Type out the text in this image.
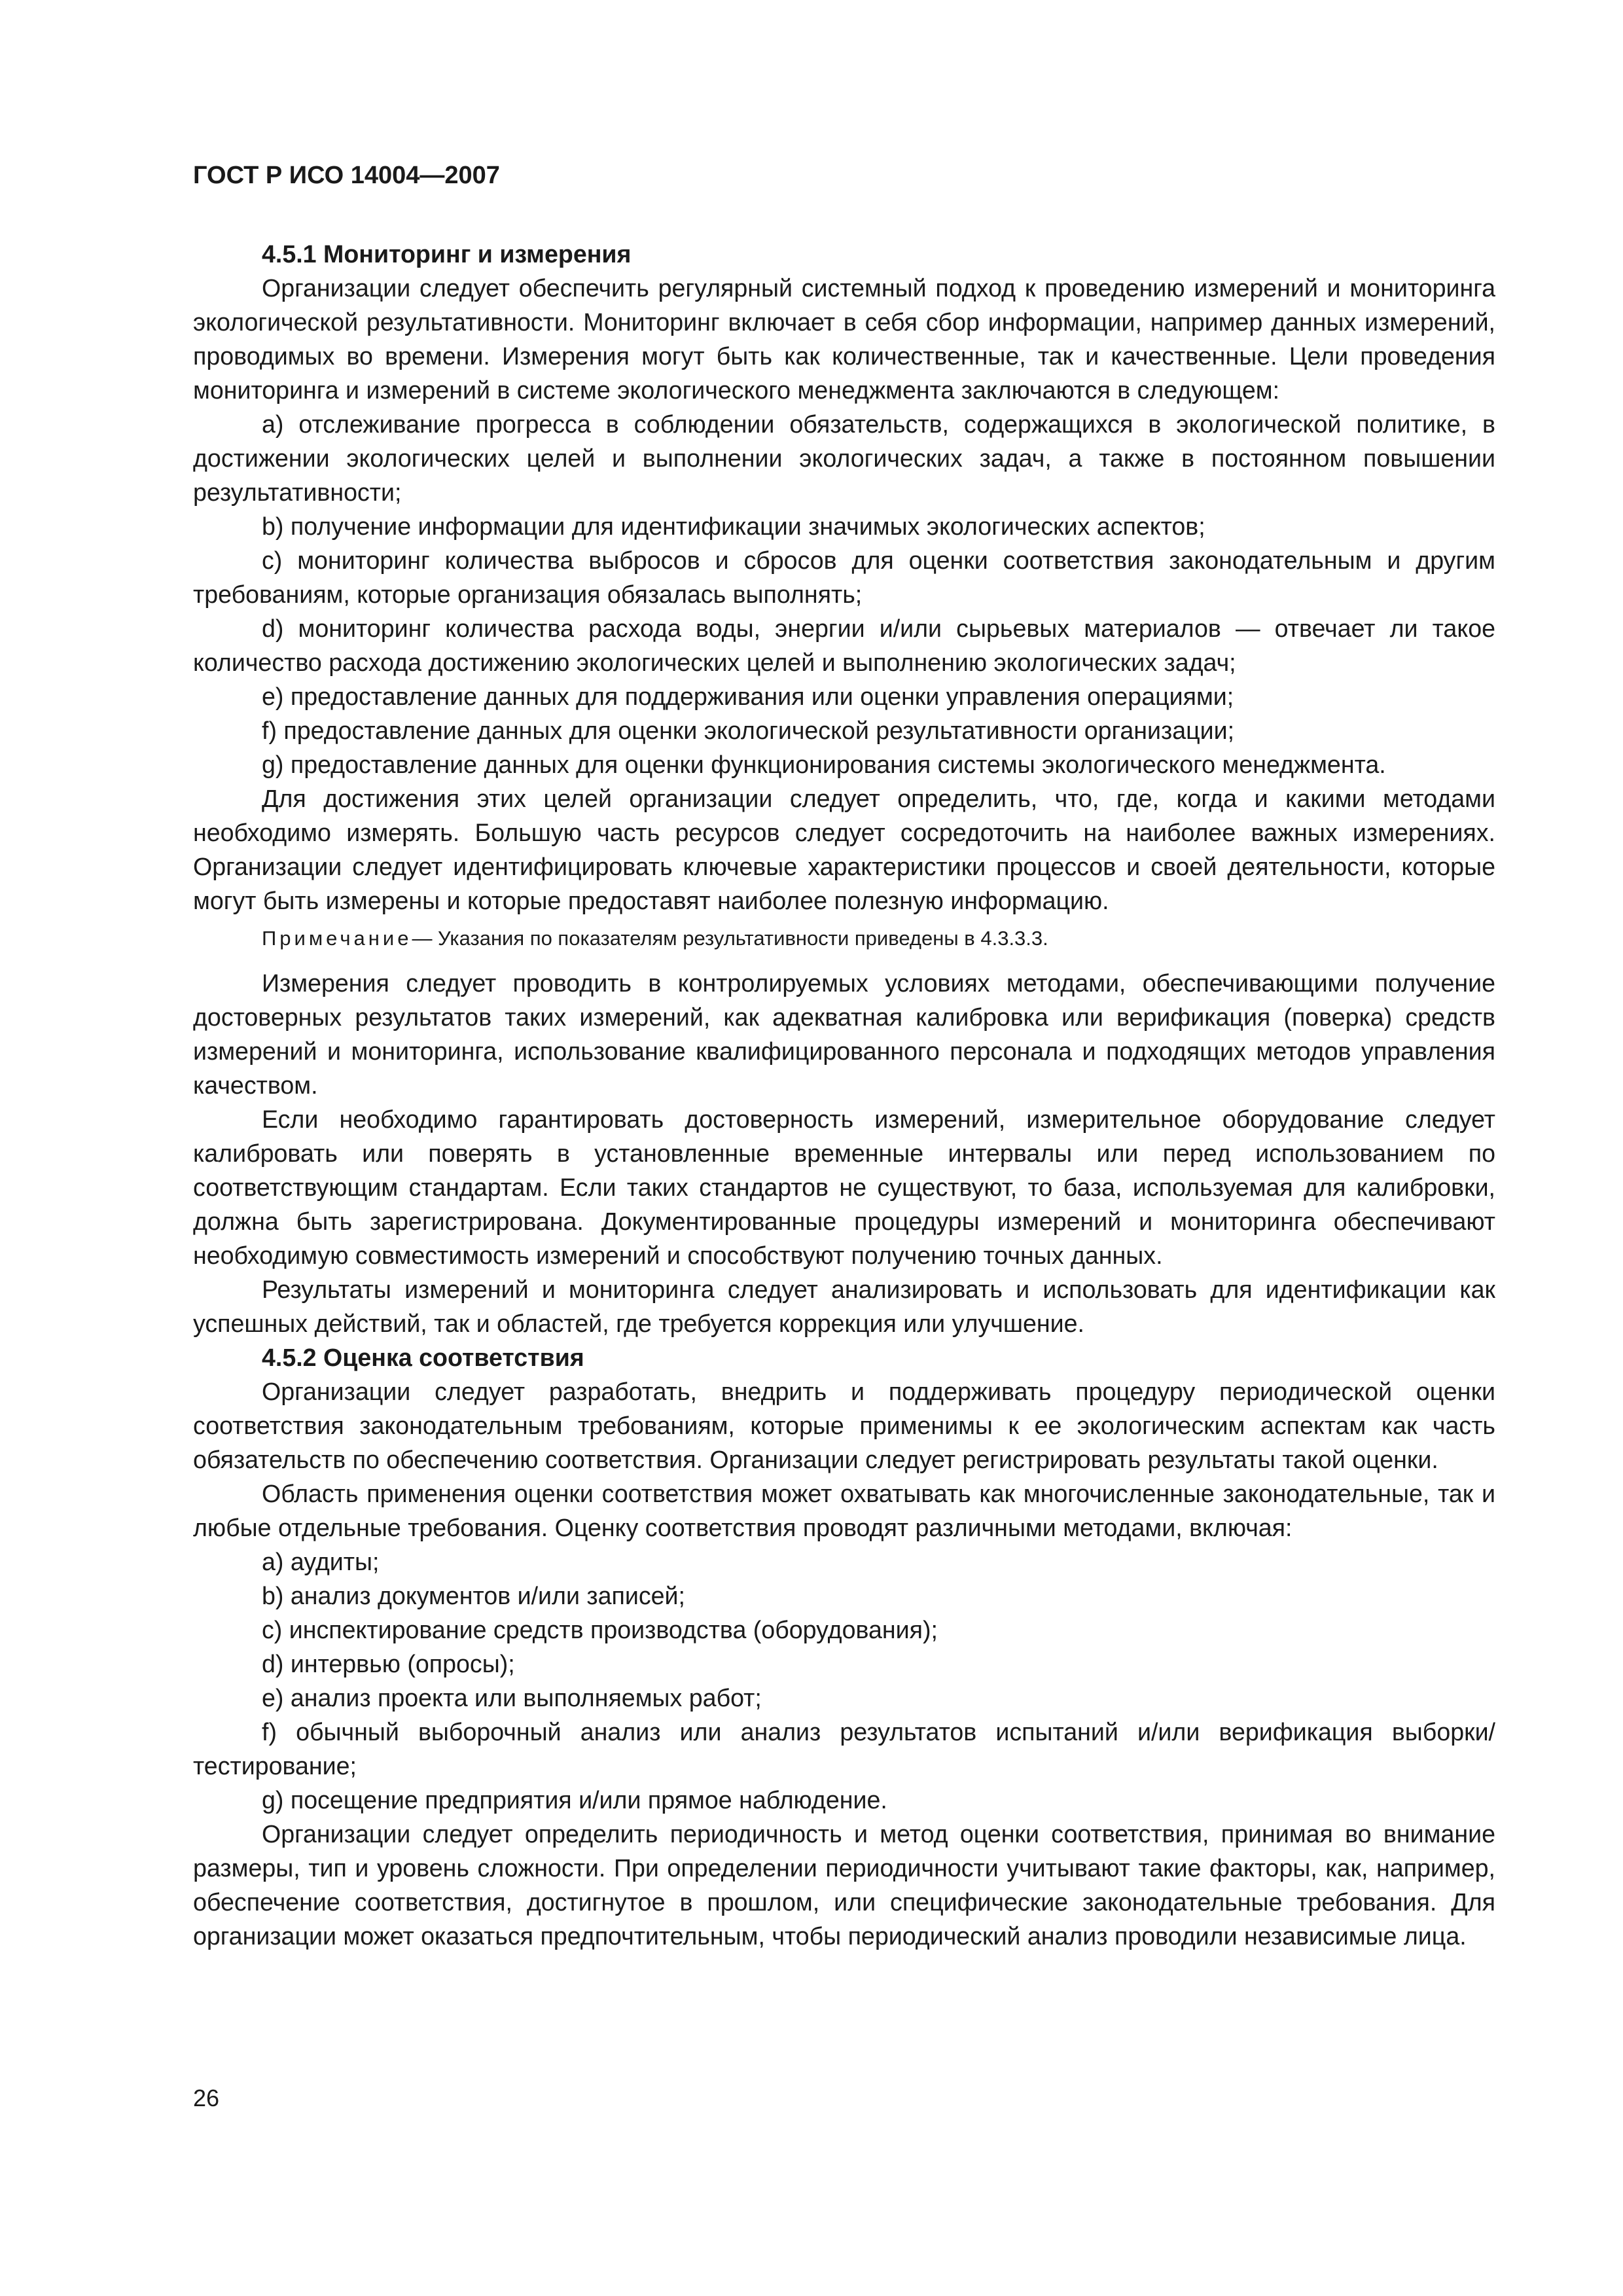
ГОСТ Р ИСО 14004—2007
4.5.1 Мониторинг и измерения

Организации следует обеспечить регулярный системный подход к проведению измерений и мониторинга экологической результативности. Мониторинг включает в себя сбор информации, например данных измерений, проводимых во времени. Измерения могут быть как количественные, так и качественные. Цели проведения мониторинга и измерений в системе экологического менеджмента заключаются в следующем:

a) отслеживание прогресса в соблюдении обязательств, содержащихся в экологической политике, в достижении экологических целей и выполнении экологических задач, а также в постоянном повышении результативности;

b) получение информации для идентификации значимых экологических аспектов;

c) мониторинг количества выбросов и сбросов для оценки соответствия законодательным и другим требованиям, которые организация обязалась выполнять;

d) мониторинг количества расхода воды, энергии и/или сырьевых материалов — отвечает ли такое количество расхода достижению экологических целей и выполнению экологических задач;

e) предоставление данных для поддерживания или оценки управления операциями;

f) предоставление данных для оценки экологической результативности организации;

g) предоставление данных для оценки функционирования системы экологического менеджмента.

Для достижения этих целей организации следует определить, что, где, когда и какими методами необходимо измерять. Большую часть ресурсов следует сосредоточить на наиболее важных измерениях. Организации следует идентифицировать ключевые характеристики процессов и своей деятельности, которые могут быть измерены и которые предоставят наиболее полезную информацию.

Примечание— Указания по показателям результативности приведены в 4.3.3.3.

Измерения следует проводить в контролируемых условиях методами, обеспечивающими получение достоверных результатов таких измерений, как адекватная калибровка или верификация (поверка) средств измерений и мониторинга, использование квалифицированного персонала и подходящих методов управления качеством.

Если необходимо гарантировать достоверность измерений, измерительное оборудование следует калибровать или поверять в установленные временные интервалы или перед использованием по соответствующим стандартам. Если таких стандартов не существуют, то база, используемая для калибровки, должна быть зарегистрирована. Документированные процедуры измерений и мониторинга обеспечивают необходимую совместимость измерений и способствуют получению точных данных.

Результаты измерений и мониторинга следует анализировать и использовать для идентификации как успешных действий, так и областей, где требуется коррекция или улучшение.

4.5.2 Оценка соответствия

Организации следует разработать, внедрить и поддерживать процедуру периодической оценки соответствия законодательным требованиям, которые применимы к ее экологическим аспектам как часть обязательств по обеспечению соответствия. Организации следует регистрировать результаты такой оценки.

Область применения оценки соответствия может охватывать как многочисленные законодательные, так и любые отдельные требования. Оценку соответствия проводят различными методами, включая:

a) аудиты;

b) анализ документов и/или записей;

c) инспектирование средств производства (оборудования);

d) интервью (опросы);

e) анализ проекта или выполняемых работ;

f) обычный выборочный анализ или анализ результатов испытаний и/или верификация выборки/тестирование;

g) посещение предприятия и/или прямое наблюдение.

Организации следует определить периодичность и метод оценки соответствия, принимая во внимание размеры, тип и уровень сложности. При определении периодичности учитывают такие факторы, как, например, обеспечение соответствия, достигнутое в прошлом, или специфические законодательные требования. Для организации может оказаться предпочтительным, чтобы периодический анализ проводили независимые лица.

26
